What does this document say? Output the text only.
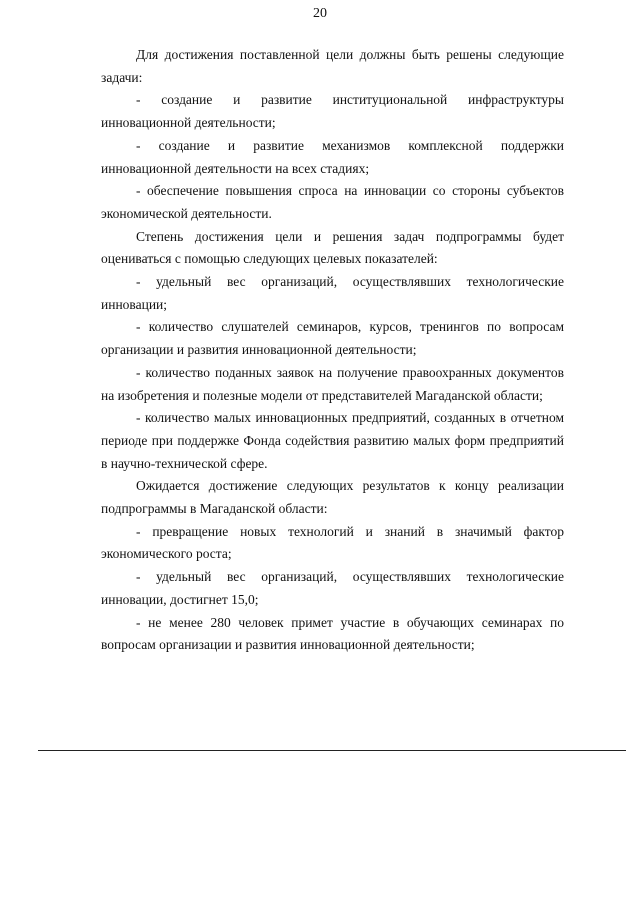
20

Для достижения поставленной цели должны быть решены следующие задачи:

- создание и развитие институциональной инфраструктуры инновационной деятельности;

- создание и развитие механизмов комплексной поддержки инновационной деятельности на всех стадиях;

- обеспечение повышения спроса на инновации со стороны субъектов экономической деятельности.

Степень достижения цели и решения задач подпрограммы будет оцениваться с помощью следующих целевых показателей:

- удельный вес организаций, осуществлявших технологические инновации;

- количество слушателей семинаров, курсов, тренингов по вопросам организации и развития инновационной деятельности;

- количество поданных заявок на получение правоохранных документов на изобретения и полезные модели от представителей Магаданской области;

- количество малых инновационных предприятий, созданных в отчетном периоде при поддержке Фонда содействия развитию малых форм предприятий в научно-технической сфере.

Ожидается достижение следующих результатов к концу реализации подпрограммы в Магаданской области:

- превращение новых технологий и знаний в значимый фактор экономического роста;

- удельный вес организаций, осуществлявших технологические инновации, достигнет 15,0;

- не менее 280 человек примет участие в обучающих семинарах по вопросам организации и развития инновационной деятельности;
